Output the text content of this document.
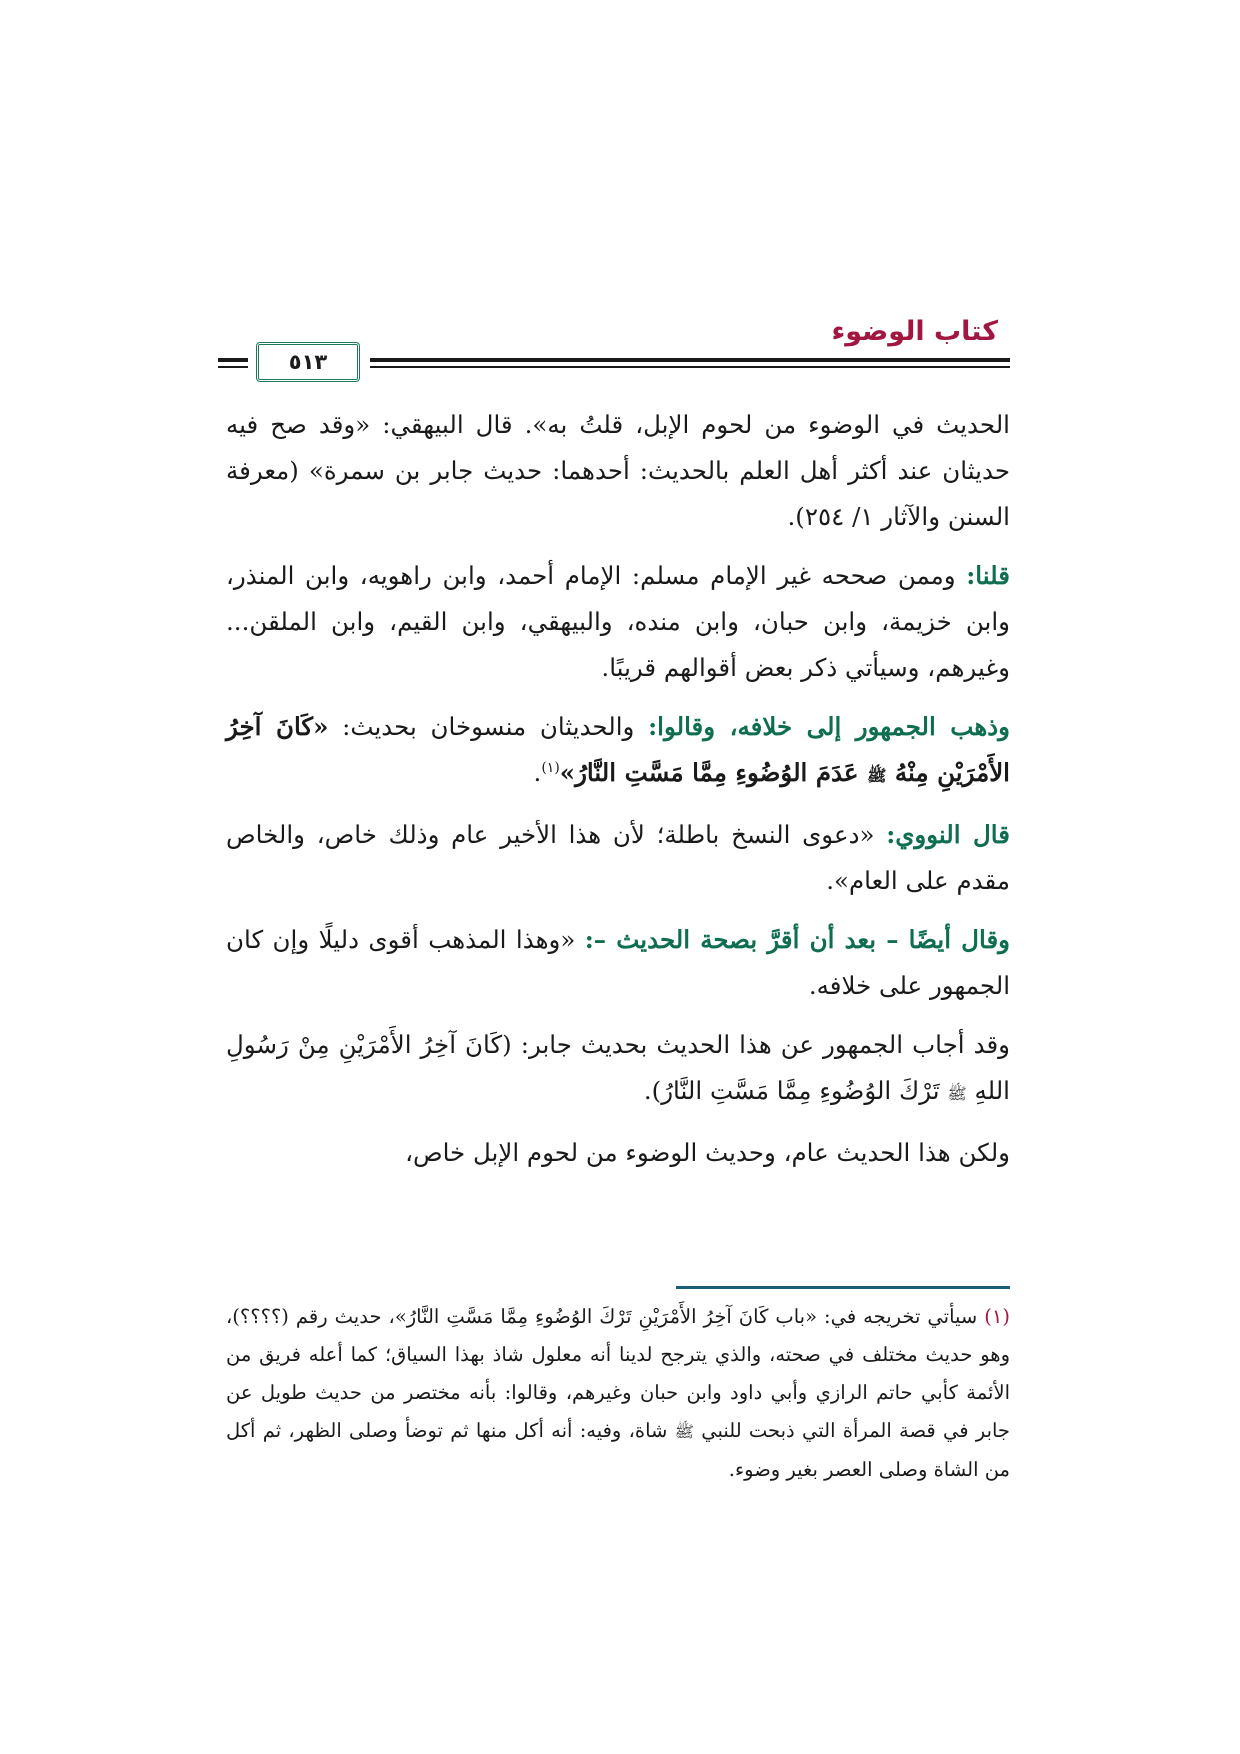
كتاب الوضوء
٥١٣

الحديث في الوضوء من لحوم الإبل، قلتُ به». قال البيهقي: «وقد صح فيه حديثان عند أكثر أهل العلم بالحديث: أحدهما: حديث جابر بن سمرة» (معرفة السنن والآثار ١/ ٢٥٤).

قلنا: وممن صححه غير الإمام مسلم: الإمام أحمد، وابن راهويه، وابن المنذر، وابن خزيمة، وابن حبان، وابن منده، والبيهقي، وابن القيم، وابن الملقن... وغيرهم، وسيأتي ذكر بعض أقوالهم قريبًا.

وذهب الجمهور إلى خلافه، وقالوا: والحديثان منسوخان بحديث: «كَانَ آخِرُ الأَمْرَيْنِ مِنْهُ ﷺ عَدَمَ الوُضُوءِ مِمَّا مَسَّتِ النَّارُ»$^{(١)}$.

قال النووي: «دعوى النسخ باطلة؛ لأن هذا الأخير عام وذلك خاص، والخاص مقدم على العام».

وقال أيضًا – بعد أن أقرَّ بصحة الحديث –: «وهذا المذهب أقوى دليلًا وإن كان الجمهور على خلافه.

وقد أجاب الجمهور عن هذا الحديث بحديث جابر: (كَانَ آخِرُ الأَمْرَيْنِ مِنْ رَسُولِ اللهِ ﷺ تَرْكَ الوُضُوءِ مِمَّا مَسَّتِ النَّارُ).

ولكن هذا الحديث عام، وحديث الوضوء من لحوم الإبل خاص،

(١) سيأتي تخريجه في: «باب كَانَ آخِرُ الأَمْرَيْنِ تَرْكَ الوُضُوءِ مِمَّا مَسَّتِ النَّارُ»، حديث رقم (؟؟؟؟)، وهو حديث مختلف في صحته، والذي يترجح لدينا أنه معلول شاذ بهذا السياق؛ كما أعله فريق من الأئمة كأبي حاتم الرازي وأبي داود وابن حبان وغيرهم، وقالوا: بأنه مختصر من حديث طويل عن جابر في قصة المرأة التي ذبحت للنبي ﷺ شاة، وفيه: أنه أكل منها ثم توضأ وصلى الظهر، ثم أكل من الشاة وصلى العصر بغير وضوء.
